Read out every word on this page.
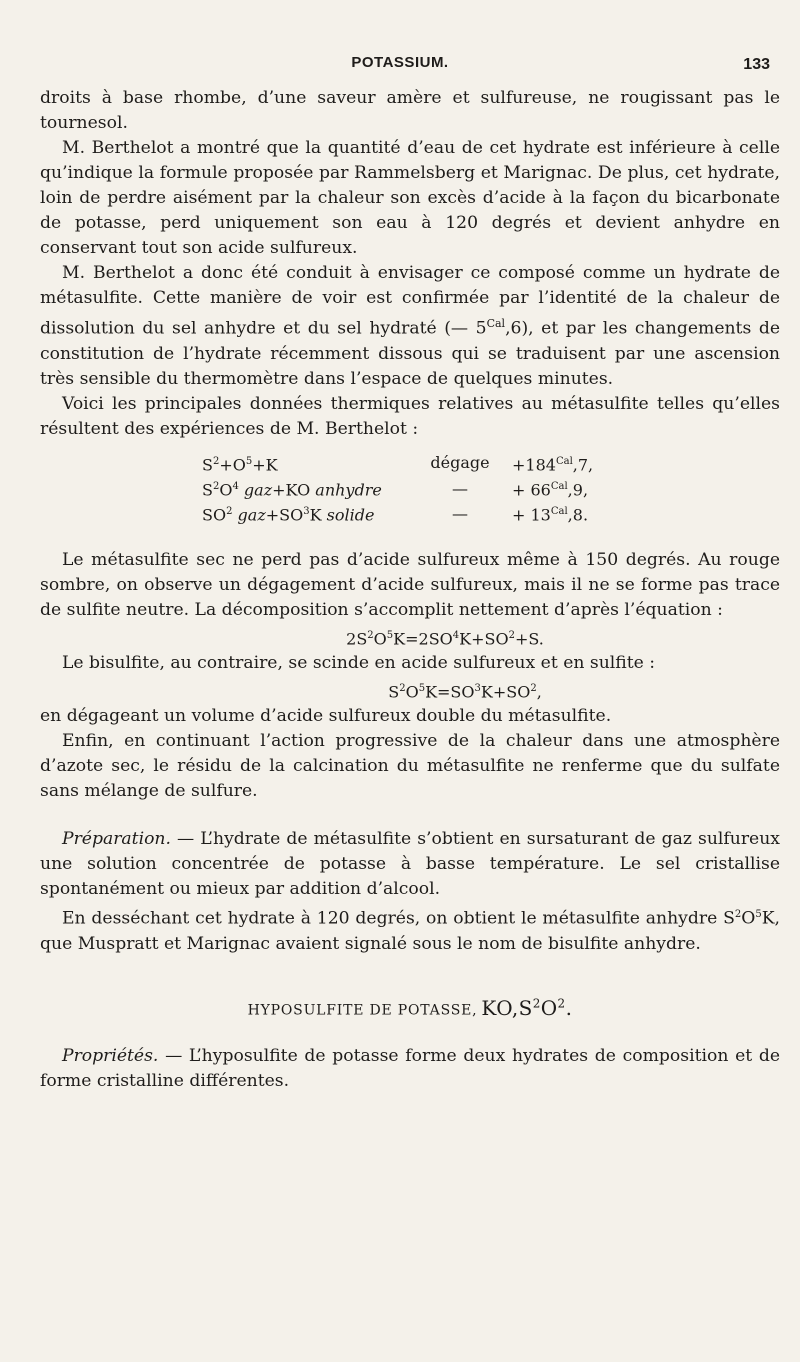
POTASSIUM.	133

droits à base rhombe, d’une saveur amère et sulfureuse, ne rougissant pas le tournesol.

M. Berthelot a montré que la quantité d’eau de cet hydrate est inférieure à celle qu’indique la formule proposée par Rammelsberg et Marignac. De plus, cet hydrate, loin de perdre aisément par la chaleur son excès d’acide à la façon du bicarbonate de potasse, perd uniquement son eau à 120 degrés et devient anhydre en conservant tout son acide sulfureux.

M. Berthelot a donc été conduit à envisager ce composé comme un hydrate de métasulfite. Cette manière de voir est confirmée par l’identité de la chaleur de dissolution du sel anhydre et du sel hydraté (— $5^{Cal},6$), et par les changements de constitution de l’hydrate récemment dissous qui se traduisent par une ascension très sensible du thermomètre dans l’espace de quelques minutes.

Voici les principales données thermiques relatives au métasulfite telles qu’elles résultent des expériences de M. Berthelot :

$S^2+O^5+K$	dégage	$+184^{Cal},7$,
$S^2O^4$ gaz+KO anhydre	—	+ $66^{Cal},9$,
$SO^2$ $gaz+SO^3K$ solide	—	+ $13^{Cal},8$.

Le métasulfite sec ne perd pas d’acide sulfureux même à 150 degrés. Au rouge sombre, on observe un dégagement d’acide sulfureux, mais il ne se forme pas trace de sulfite neutre. La décomposition s’accomplit nettement d’après l’équation :

$2S^2O^5K=2SO^4K+SO^2+S$.

Le bisulfite, au contraire, se scinde en acide sulfureux et en sulfite :

$S^2O^5K=SO^3K+SO^2$,

en dégageant un volume d’acide sulfureux double du métasulfite.

Enfin, en continuant l’action progressive de la chaleur dans une atmosphère d’azote sec, le résidu de la calcination du métasulfite ne renferme que du sulfate sans mélange de sulfure.

Préparation. — L’hydrate de métasulfite s’obtient en sursaturant de gaz sulfureux une solution concentrée de potasse à basse température. Le sel cristallise spontanément ou mieux par addition d’alcool.

En desséchant cet hydrate à 120 degrés, on obtient le métasulfite anhydre $S^2O^5K$, que Muspratt et Marignac avaient signalé sous le nom de bisulfite anhydre.

HYPOSULFITE DE POTASSE, $KO,S^2O^2$.

Propriétés. — L’hyposulfite de potasse forme deux hydrates de composition et de forme cristalline différentes.
